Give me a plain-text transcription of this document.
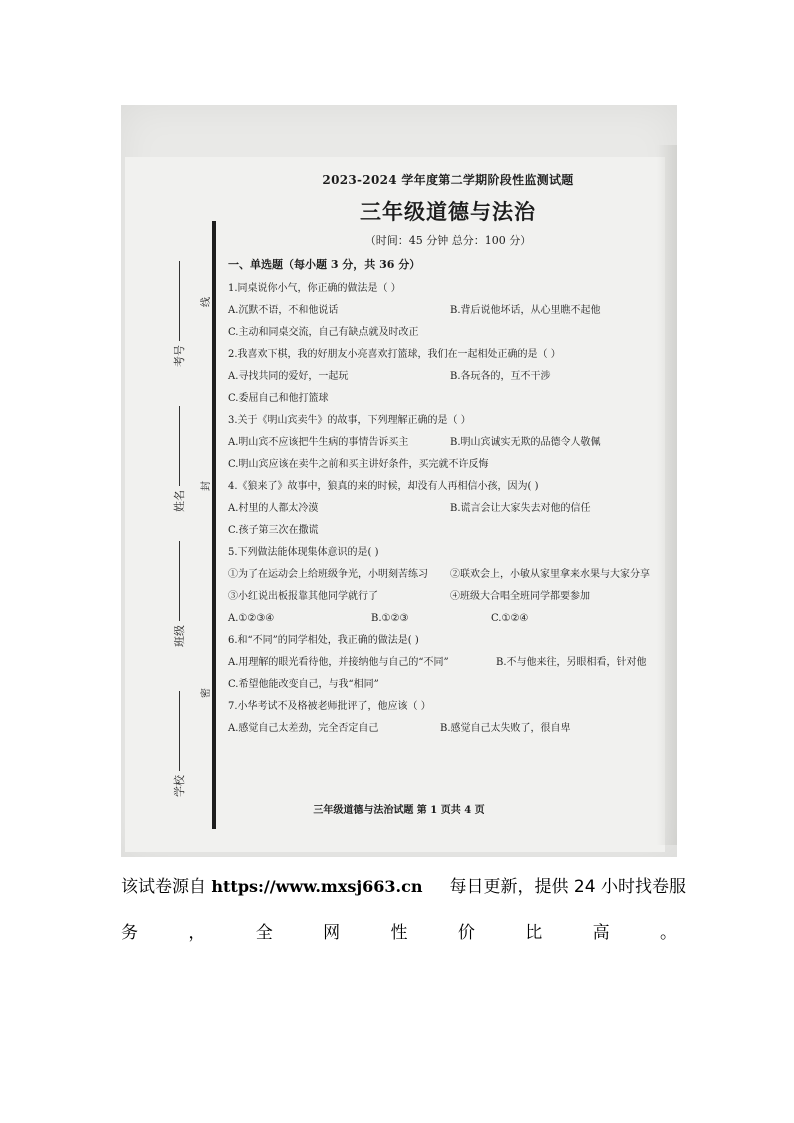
考号
姓名
班级
学校
线
封
密
2023-2024 学年度第二学期阶段性监测试题
三年级道德与法治
（时间：45 分钟 总分：100 分）
一、单选题（每小题 3 分，共 36 分）
1.同桌说你小气，你正确的做法是（ ）
A.沉默不语，不和他说话	B.背后说他坏话，从心里瞧不起他
C.主动和同桌交流，自己有缺点就及时改正
2.我喜欢下棋，我的好朋友小亮喜欢打篮球，我们在一起相处正确的是（ ）
A.寻找共同的爱好，一起玩	B.各玩各的，互不干涉
C.委屈自己和他打篮球
3.关于《明山宾卖牛》的故事，下列理解正确的是（ ）
A.明山宾不应该把牛生病的事情告诉买主	B.明山宾诚实无欺的品德令人敬佩
C.明山宾应该在卖牛之前和买主讲好条件，买完就不许反悔
4.《狼来了》故事中，狼真的来的时候，却没有人再相信小孩，因为( )
A.村里的人都太冷漠	B.谎言会让大家失去对他的信任
C.孩子第三次在撒谎
5.下列做法能体现集体意识的是( )
①为了在运动会上给班级争光，小明刻苦练习	②联欢会上，小敏从家里拿来水果与大家分享
③小红说出板报靠其他同学就行了	④班级大合唱全班同学都要参加
A.①②③④	B.①②③	C.①②④
6.和“不同”的同学相处，我正确的做法是( )
A.用理解的眼光看待他，并接纳他与自己的“不同”	B.不与他来往，另眼相看，针对他
C.希望他能改变自己，与我“相同”
7.小华考试不及格被老师批评了，他应该（ ）
A.感觉自己太差劲，完全否定自己	B.感觉自己太失败了，很自卑
三年级道德与法治试题 第 1 页共 4 页
该试卷源自 https://www.mxsj663.cn 每日更新，提供 24 小时找卷服
务	，	全	网	性	价	比	高	。
